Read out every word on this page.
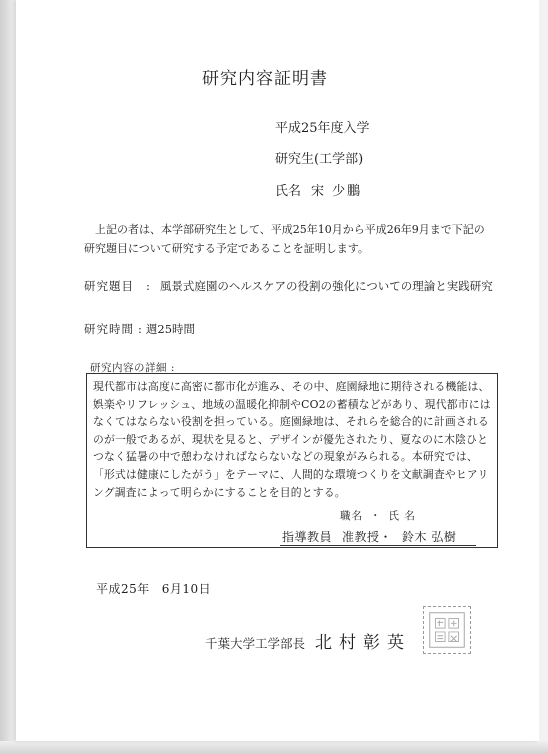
研究内容証明書
平成25年度入学
研究生(工学部)
氏名 宋 少鵬
　上記の者は、本学部研究生として、平成25年10月から平成26年9月まで下記の研究題目について研究する予定であることを証明します。
研究題目 : 風景式庭園のヘルスケアの役割の強化についての理論と実践研究
研究時間 : 週25時間
研究内容の詳細 :
現代都市は高度に高密に都市化が進み、その中、庭園緑地に期待される機能は、娯楽やリフレッシュ、地域の温暖化抑制やCO2の蓄積などがあり、現代都市にはなくてはならない役割を担っている。庭園緑地は、それらを総合的に計画されるのが一般であるが、現状を見ると、デザインが優先されたり、夏なのに木陰ひとつなく猛暑の中で憩わなければならないなどの現象がみられる。本研究では、「形式は健康にしたがう」をテーマに、人間的な環境つくりを文献調査やヒアリング調査によって明らかにすることを目的とする。
職名 ・ 氏 名
指導教員 准教授・ 鈴木 弘樹
平成25年 6月10日
千葉大学工学部長 北村彰英
